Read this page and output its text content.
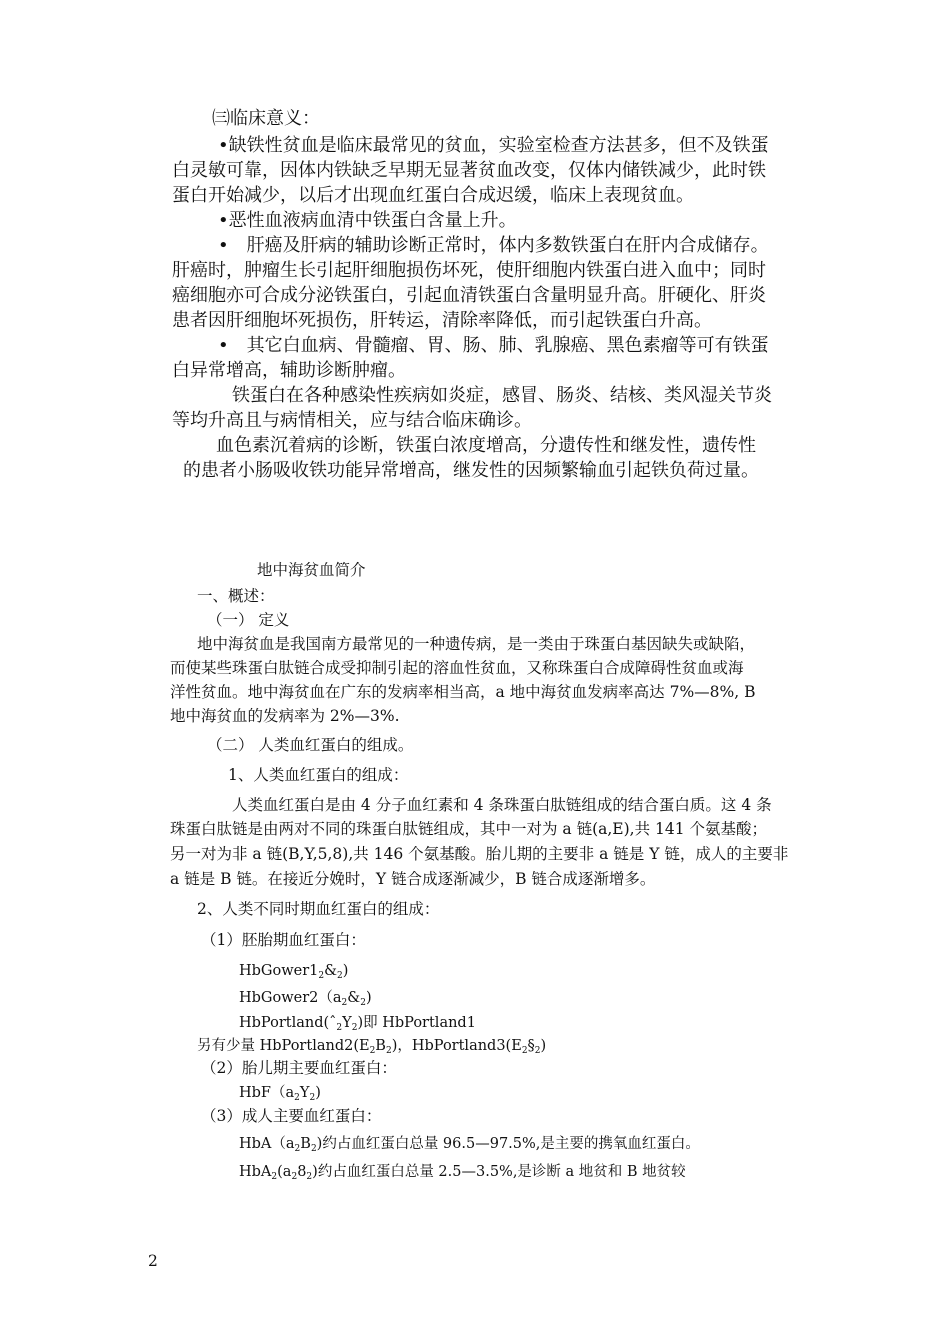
㈢临床意义：
•缺铁性贫血是临床最常见的贫血，实验室检查方法甚多，但不及铁蛋
白灵敏可靠，因体内铁缺乏早期无显著贫血改变，仅体内储铁减少，此时铁
蛋白开始减少，以后才出现血红蛋白合成迟缓，临床上表现贫血。
•恶性血液病血清中铁蛋白含量上升。
•　肝癌及肝病的辅助诊断正常时，体内多数铁蛋白在肝内合成储存。
肝癌时，肿瘤生长引起肝细胞损伤坏死，使肝细胞内铁蛋白进入血中；同时
癌细胞亦可合成分泌铁蛋白，引起血清铁蛋白含量明显升高。肝硬化、肝炎
患者因肝细胞坏死损伤，肝转运，清除率降低，而引起铁蛋白升高。
•　其它白血病、骨髓瘤、胃、肠、肺、乳腺癌、黑色素瘤等可有铁蛋
白异常增高，辅助诊断肿瘤。
铁蛋白在各种感染性疾病如炎症，感冒、肠炎、结核、类风湿关节炎
等均升高且与病情相关，应与结合临床确诊。
血色素沉着病的诊断，铁蛋白浓度增高，分遗传性和继发性，遗传性
的患者小肠吸收铁功能异常增高，继发性的因频繁输血引起铁负荷过量。
地中海贫血简介
一、概述：
（一） 定义
地中海贫血是我国南方最常见的一种遗传病，是一类由于珠蛋白基因缺失或缺陷，
而使某些珠蛋白肽链合成受抑制引起的溶血性贫血，又称珠蛋白合成障碍性贫血或海
洋性贫血。地中海贫血在广东的发病率相当高，a 地中海贫血发病率高达 7%—8%, B
地中海贫血的发病率为 2%—3%.
（二） 人类血红蛋白的组成。
1、人类血红蛋白的组成：
人类血红蛋白是由 4 分子血红素和 4 条珠蛋白肽链组成的结合蛋白质。这 4 条
珠蛋白肽链是由两对不同的珠蛋白肽链组成，其中一对为 a 链(a,E),共 141 个氨基酸；
另一对为非 a 链(B,Y,5,8),共 146 个氨基酸。胎儿期的主要非 a 链是 Y 链，成人的主要非
a 链是 B 链。在接近分娩时，Y 链合成逐渐减少，B 链合成逐渐增多。
2、人类不同时期血红蛋白的组成：
（1）胚胎期血红蛋白：
$HbGower1_2\&_2$)
$HbGower2(a_2\&_2)$
$HbPortland(ˆ_2Y_2)$即 HbPortland1
另有少量 $HbPortland2(E_2B_2)$，$HbPortland3(E_2\S_2)$
（2）胎儿期主要血红蛋白：
$HbF(a_2Y_2)$
（3）成人主要血红蛋白：
$HbA(a_2B_2)$约占血红蛋白总量 96.5—97.5%,是主要的携氧血红蛋白。
$HbA_2(a_28_2)$约占血红蛋白总量 2.5—3.5%,是诊断 a 地贫和 B 地贫较
2
